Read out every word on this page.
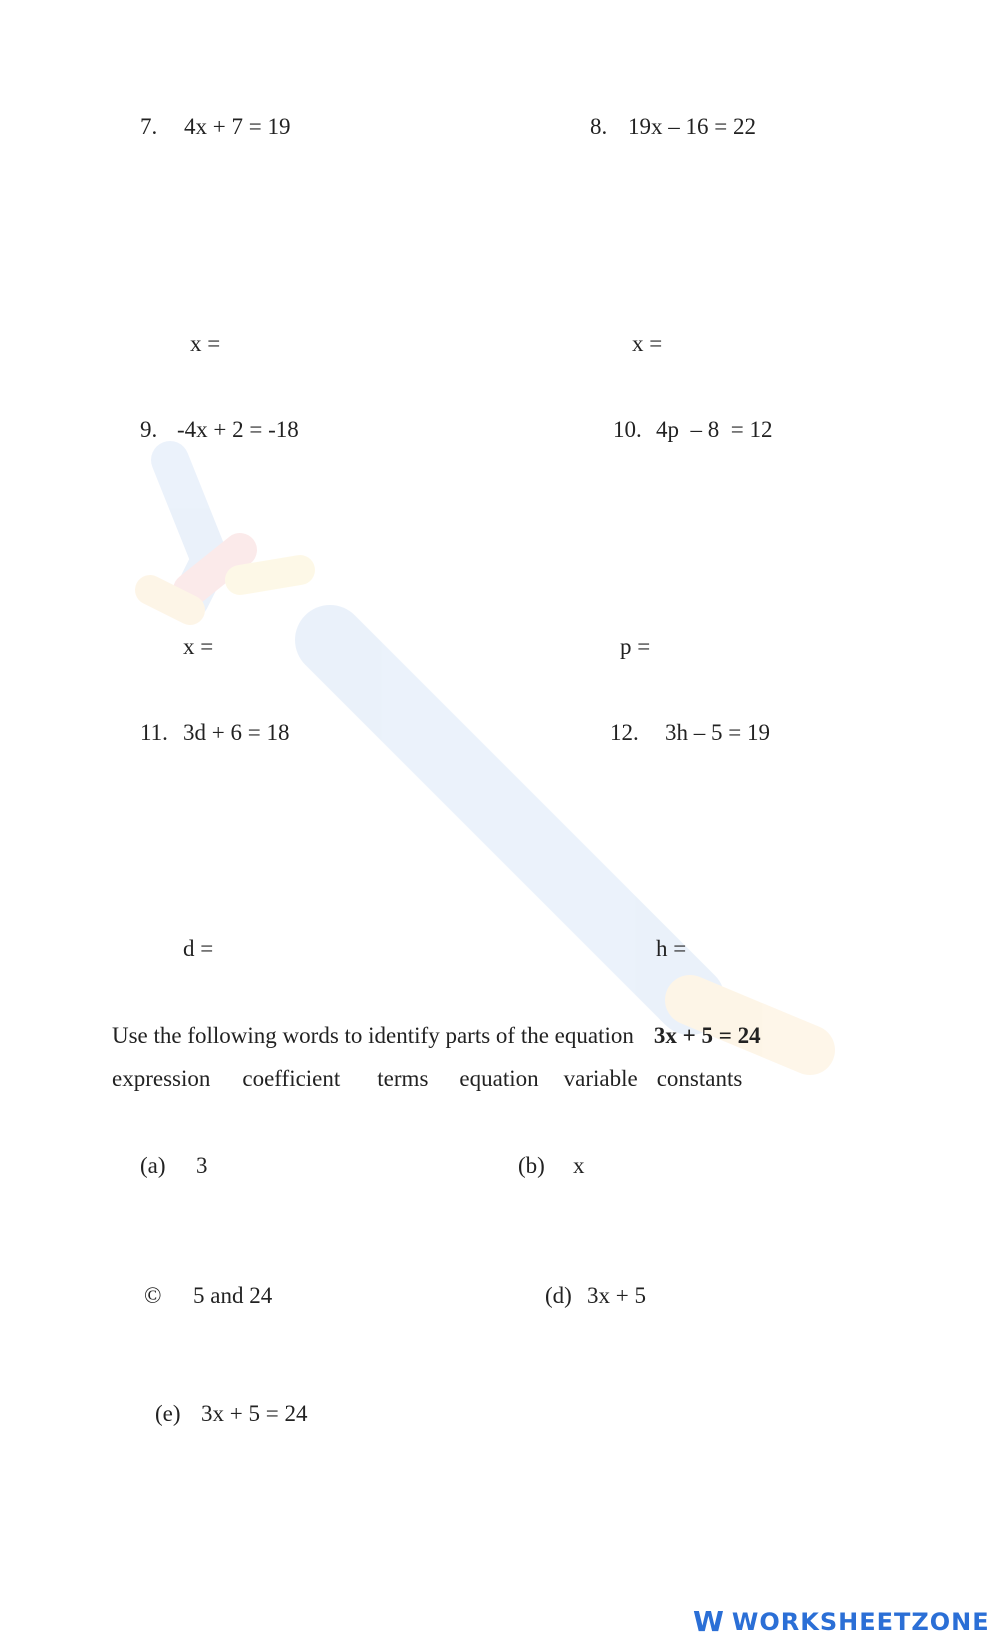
7. 4x + 7 = 19
x =
8. 19x – 16 = 22
x =
9. -4x + 2 = -18
x =
10. 4p  – 8  = 12
p =
11. 3d + 6 = 18
d =
12. 3h – 5 = 19
h =
Use the following words to identify parts of the equation 3x + 5 = 24
expression coefficient terms equation variable constants
(a) 3	(b) x
© 5 and 24	(d) 3x + 5
(e) 3x + 5 = 24
W WORKSHEETZONE
